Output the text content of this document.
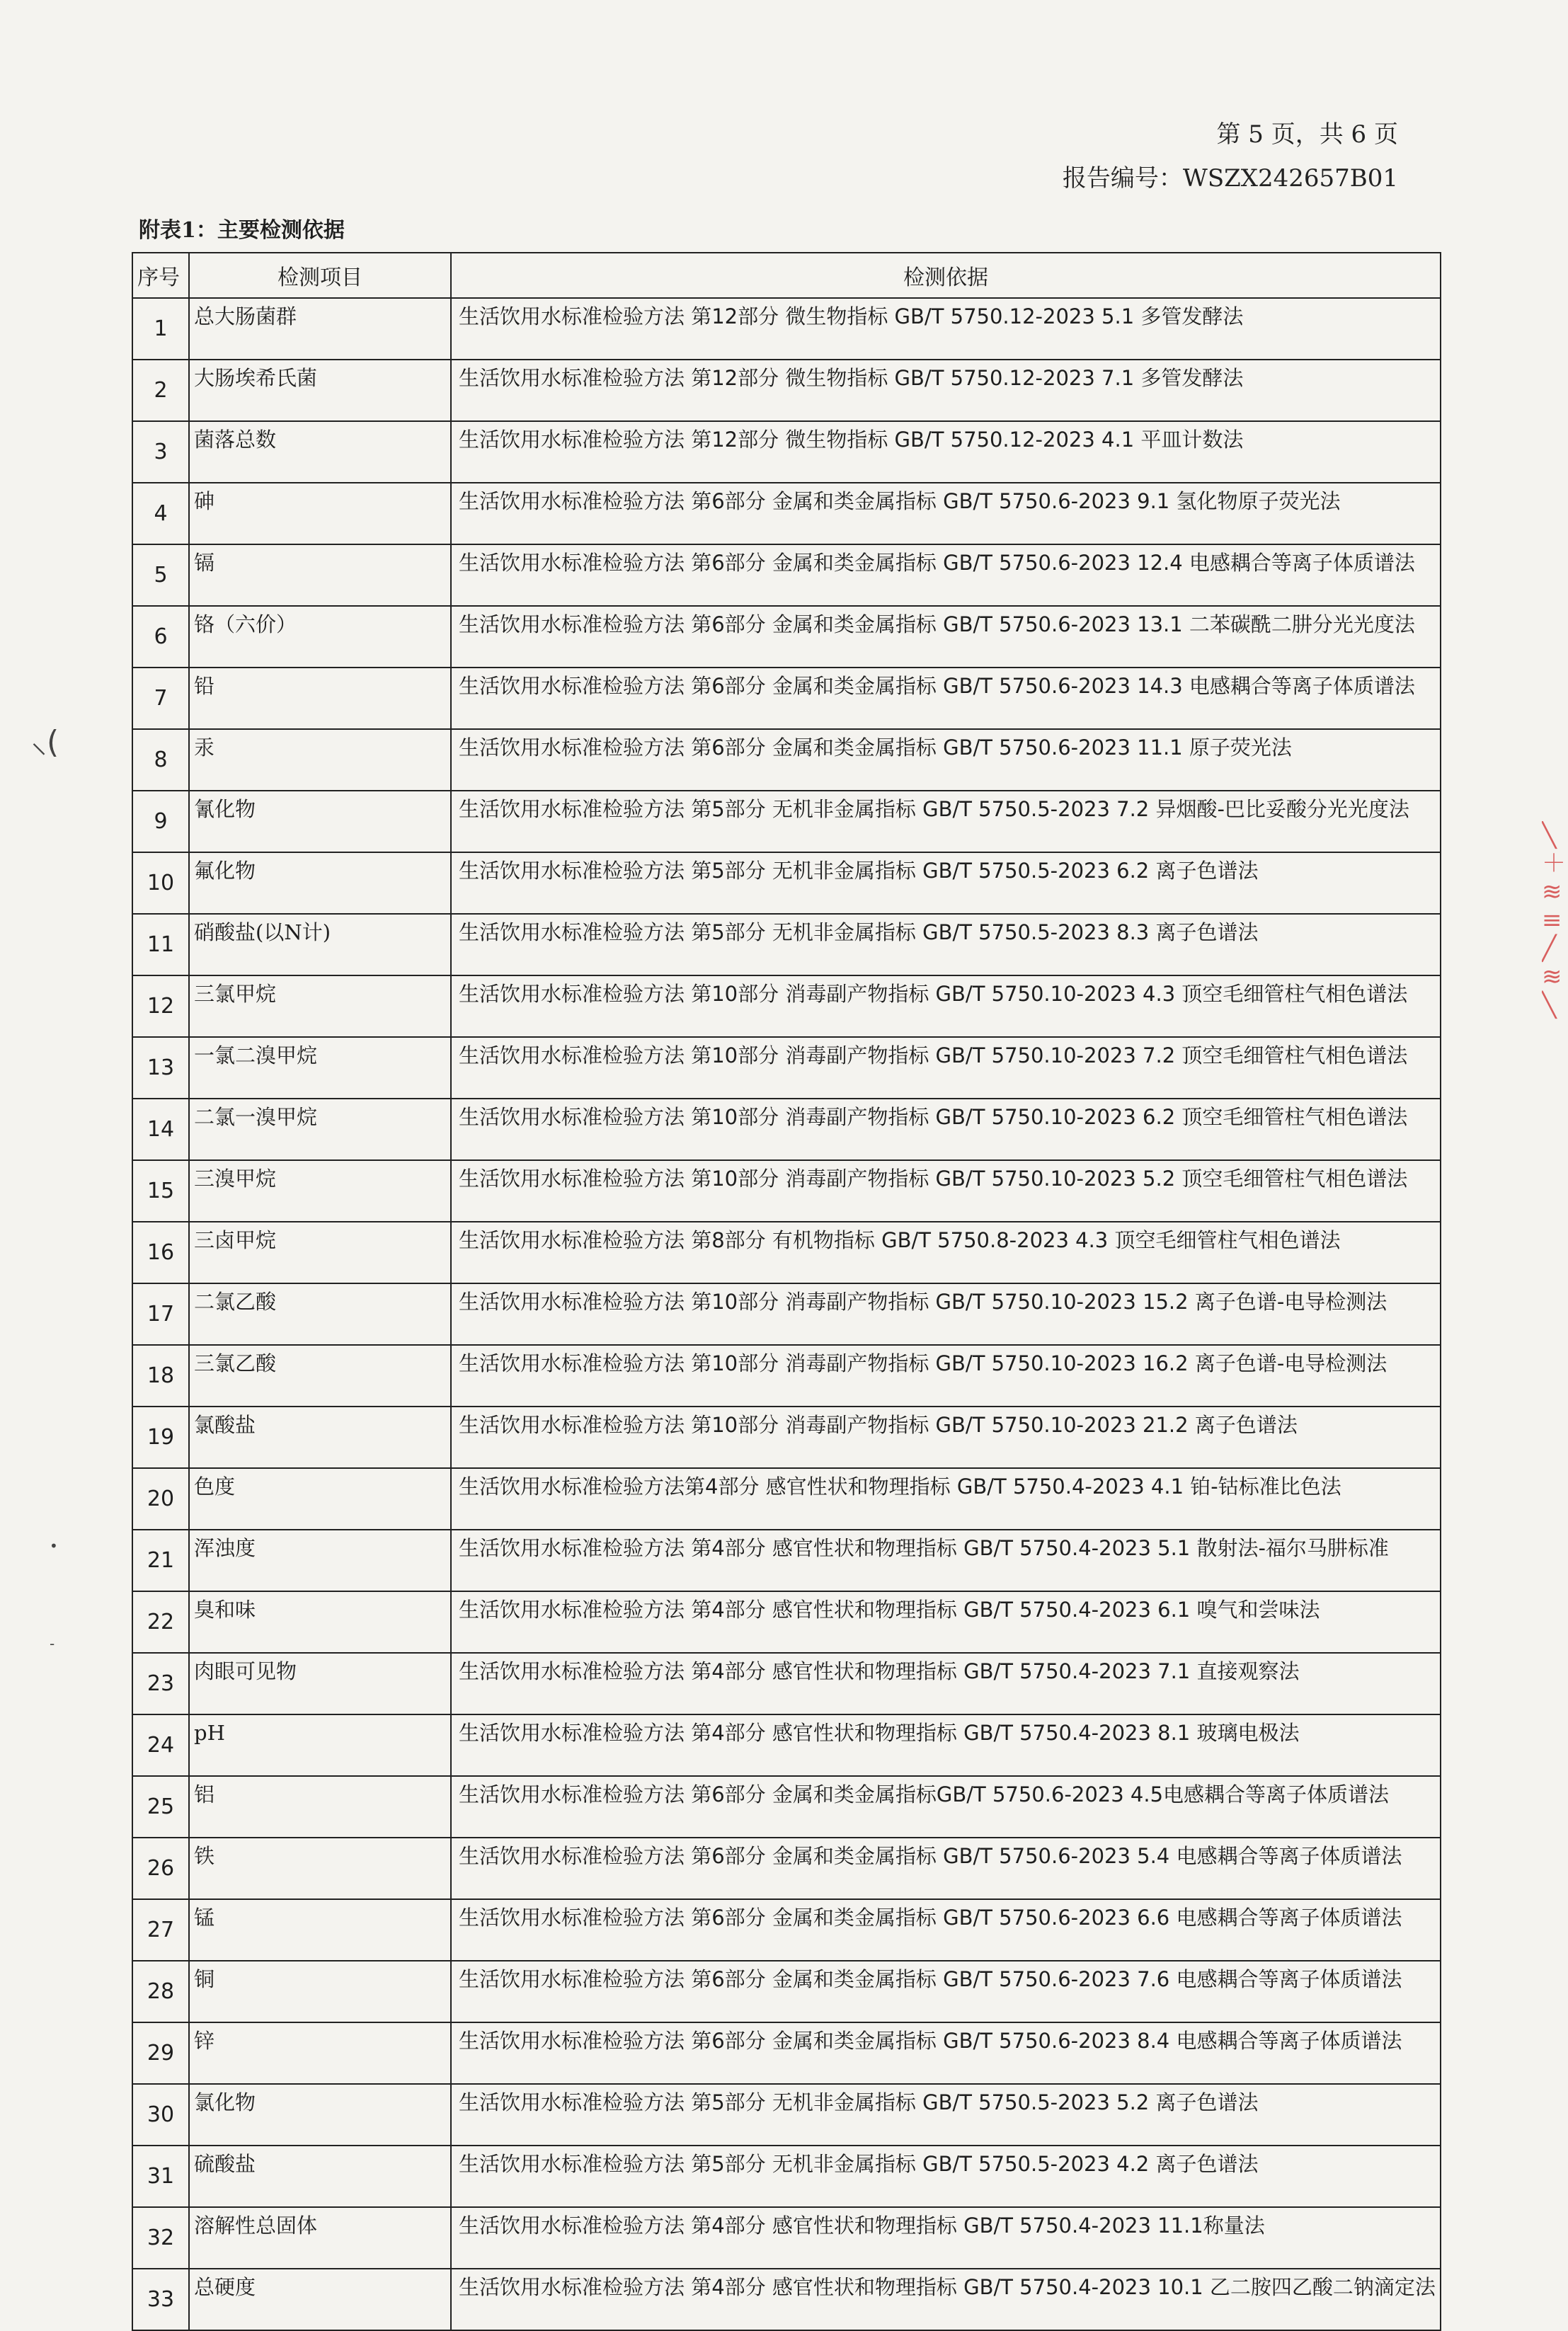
第 5 页，共 6 页
报告编号：WSZX242657B01
附表1：主要检测依据
序号	检测项目	检测依据
1	总大肠菌群	生活饮用水标准检验方法 第12部分 微生物指标 GB/T 5750.12-2023 5.1 多管发酵法
2	大肠埃希氏菌	生活饮用水标准检验方法 第12部分 微生物指标 GB/T 5750.12-2023 7.1 多管发酵法
3	菌落总数	生活饮用水标准检验方法 第12部分 微生物指标 GB/T 5750.12-2023 4.1 平皿计数法
4	砷	生活饮用水标准检验方法 第6部分 金属和类金属指标 GB/T 5750.6-2023 9.1 氢化物原子荧光法
5	镉	生活饮用水标准检验方法 第6部分 金属和类金属指标 GB/T 5750.6-2023 12.4 电感耦合等离子体质谱法
6	铬（六价）	生活饮用水标准检验方法 第6部分 金属和类金属指标 GB/T 5750.6-2023 13.1 二苯碳酰二肼分光光度法
7	铅	生活饮用水标准检验方法 第6部分 金属和类金属指标 GB/T 5750.6-2023 14.3 电感耦合等离子体质谱法
8	汞	生活饮用水标准检验方法 第6部分 金属和类金属指标 GB/T 5750.6-2023 11.1 原子荧光法
9	氰化物	生活饮用水标准检验方法 第5部分 无机非金属指标 GB/T 5750.5-2023 7.2 异烟酸-巴比妥酸分光光度法
10	氟化物	生活饮用水标准检验方法 第5部分 无机非金属指标 GB/T 5750.5-2023 6.2 离子色谱法
11	硝酸盐(以N计)	生活饮用水标准检验方法 第5部分 无机非金属指标 GB/T 5750.5-2023 8.3 离子色谱法
12	三氯甲烷	生活饮用水标准检验方法 第10部分 消毒副产物指标 GB/T 5750.10-2023 4.3 顶空毛细管柱气相色谱法
13	一氯二溴甲烷	生活饮用水标准检验方法 第10部分 消毒副产物指标 GB/T 5750.10-2023 7.2 顶空毛细管柱气相色谱法
14	二氯一溴甲烷	生活饮用水标准检验方法 第10部分 消毒副产物指标 GB/T 5750.10-2023 6.2 顶空毛细管柱气相色谱法
15	三溴甲烷	生活饮用水标准检验方法 第10部分 消毒副产物指标 GB/T 5750.10-2023 5.2 顶空毛细管柱气相色谱法
16	三卤甲烷	生活饮用水标准检验方法 第8部分 有机物指标 GB/T 5750.8-2023 4.3 顶空毛细管柱气相色谱法
17	二氯乙酸	生活饮用水标准检验方法 第10部分 消毒副产物指标 GB/T 5750.10-2023 15.2 离子色谱-电导检测法
18	三氯乙酸	生活饮用水标准检验方法 第10部分 消毒副产物指标 GB/T 5750.10-2023 16.2 离子色谱-电导检测法
19	氯酸盐	生活饮用水标准检验方法 第10部分 消毒副产物指标 GB/T 5750.10-2023 21.2 离子色谱法
20	色度	生活饮用水标准检验方法第4部分 感官性状和物理指标 GB/T 5750.4-2023 4.1 铂-钴标准比色法
21	浑浊度	生活饮用水标准检验方法 第4部分 感官性状和物理指标 GB/T 5750.4-2023 5.1 散射法-福尔马肼标准
22	臭和味	生活饮用水标准检验方法 第4部分 感官性状和物理指标 GB/T 5750.4-2023 6.1 嗅气和尝味法
23	肉眼可见物	生活饮用水标准检验方法 第4部分 感官性状和物理指标 GB/T 5750.4-2023 7.1 直接观察法
24	pH	生活饮用水标准检验方法 第4部分 感官性状和物理指标 GB/T 5750.4-2023 8.1 玻璃电极法
25	铝	生活饮用水标准检验方法 第6部分 金属和类金属指标GB/T 5750.6-2023 4.5电感耦合等离子体质谱法
26	铁	生活饮用水标准检验方法 第6部分 金属和类金属指标 GB/T 5750.6-2023 5.4 电感耦合等离子体质谱法
27	锰	生活饮用水标准检验方法 第6部分 金属和类金属指标 GB/T 5750.6-2023 6.6 电感耦合等离子体质谱法
28	铜	生活饮用水标准检验方法 第6部分 金属和类金属指标 GB/T 5750.6-2023 7.6 电感耦合等离子体质谱法
29	锌	生活饮用水标准检验方法 第6部分 金属和类金属指标 GB/T 5750.6-2023 8.4 电感耦合等离子体质谱法
30	氯化物	生活饮用水标准检验方法 第5部分 无机非金属指标 GB/T 5750.5-2023 5.2 离子色谱法
31	硫酸盐	生活饮用水标准检验方法 第5部分 无机非金属指标 GB/T 5750.5-2023 4.2 离子色谱法
32	溶解性总固体	生活饮用水标准检验方法 第4部分 感官性状和物理指标 GB/T 5750.4-2023 11.1称量法
33	总硬度	生活饮用水标准检验方法 第4部分 感官性状和物理指标 GB/T 5750.4-2023 10.1 乙二胺四乙酸二钠滴定法
╲
＋
≋
≡
╱
≋
╲
⸜(
•
-
